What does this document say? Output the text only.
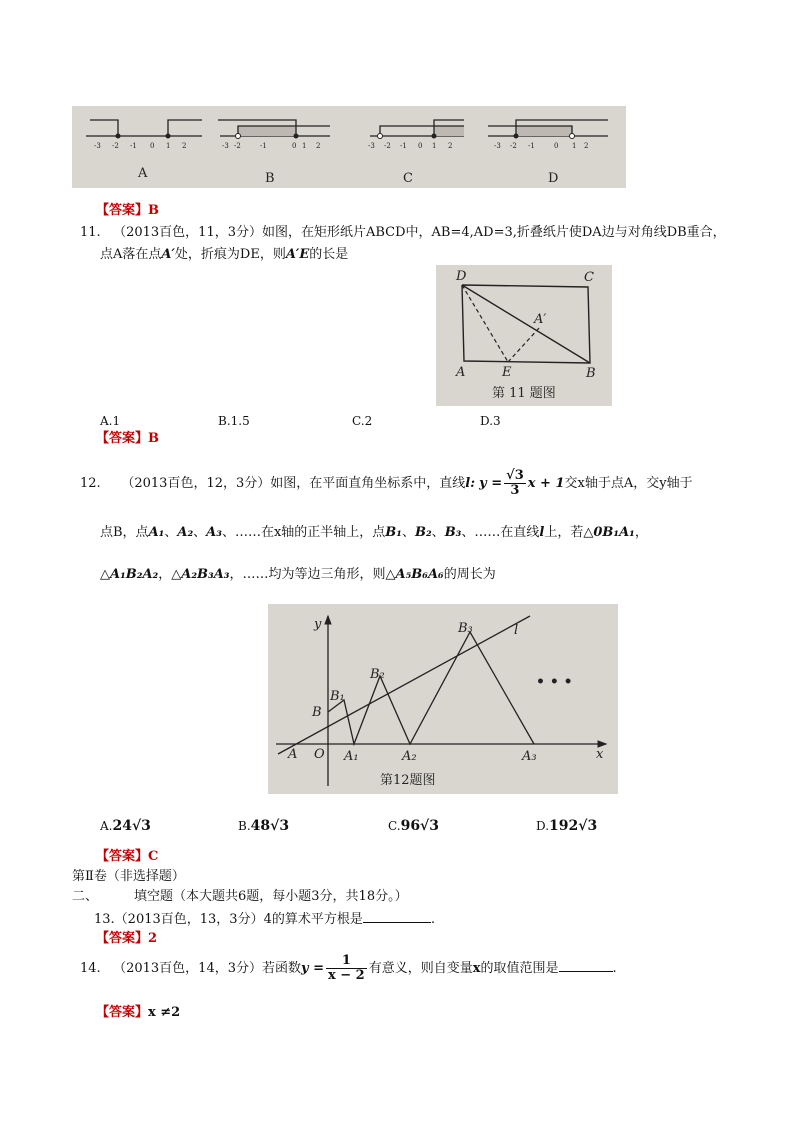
-3 -2 -1 0 1 2
A
-3 -2	-1	0 1 2
B
-3 -2 -1 0 1 2
C
-3 -2 -1	0 1 2
D
【答案】B
11. （2013百色，11，3分）如图，在矩形纸片ABCD中，AB=4,AD=3,折叠纸片使DA边与对角线DB重合，
点A落在点A′处，折痕为DE，则A′E的长是
D	C
A	B
E
A′
第 11 题图
A.1	B.1.5	C.2	D.3
【答案】B
12. （2013百色，12，3分）如图，在平面直角坐标系中，直线l: $y = \frac{√3}{3}$ x + 1交x轴于点A，交y轴于
点B，点A₁、A₂、A₃、……在x轴的正半轴上，点B₁、B₂、B₃、……在直线l上，若△0B₁A₁，
△A₁B₂A₂，△A₂B₃A₃，……均为等边三角形，则△A₅B₆A₆的周长为
y
x
O
A
B
B₁
B₂
B₃
A₁	A₂	A₃
l
• • •
第12题图
A.24√3	B.48√3	C.96√3	D.192√3
【答案】C
第Ⅱ卷（非选择题）
二、	填空题（本大题共6题，每小题3分，共18分。）
13.（2013百色，13，3分）4的算术平方根是	.
【答案】2
14. （2013百色，14，3分）若函数$y = \frac{1}{x - 2}$ 有意义，则自变量x的取值范围是	.
【答案】x ≠2
